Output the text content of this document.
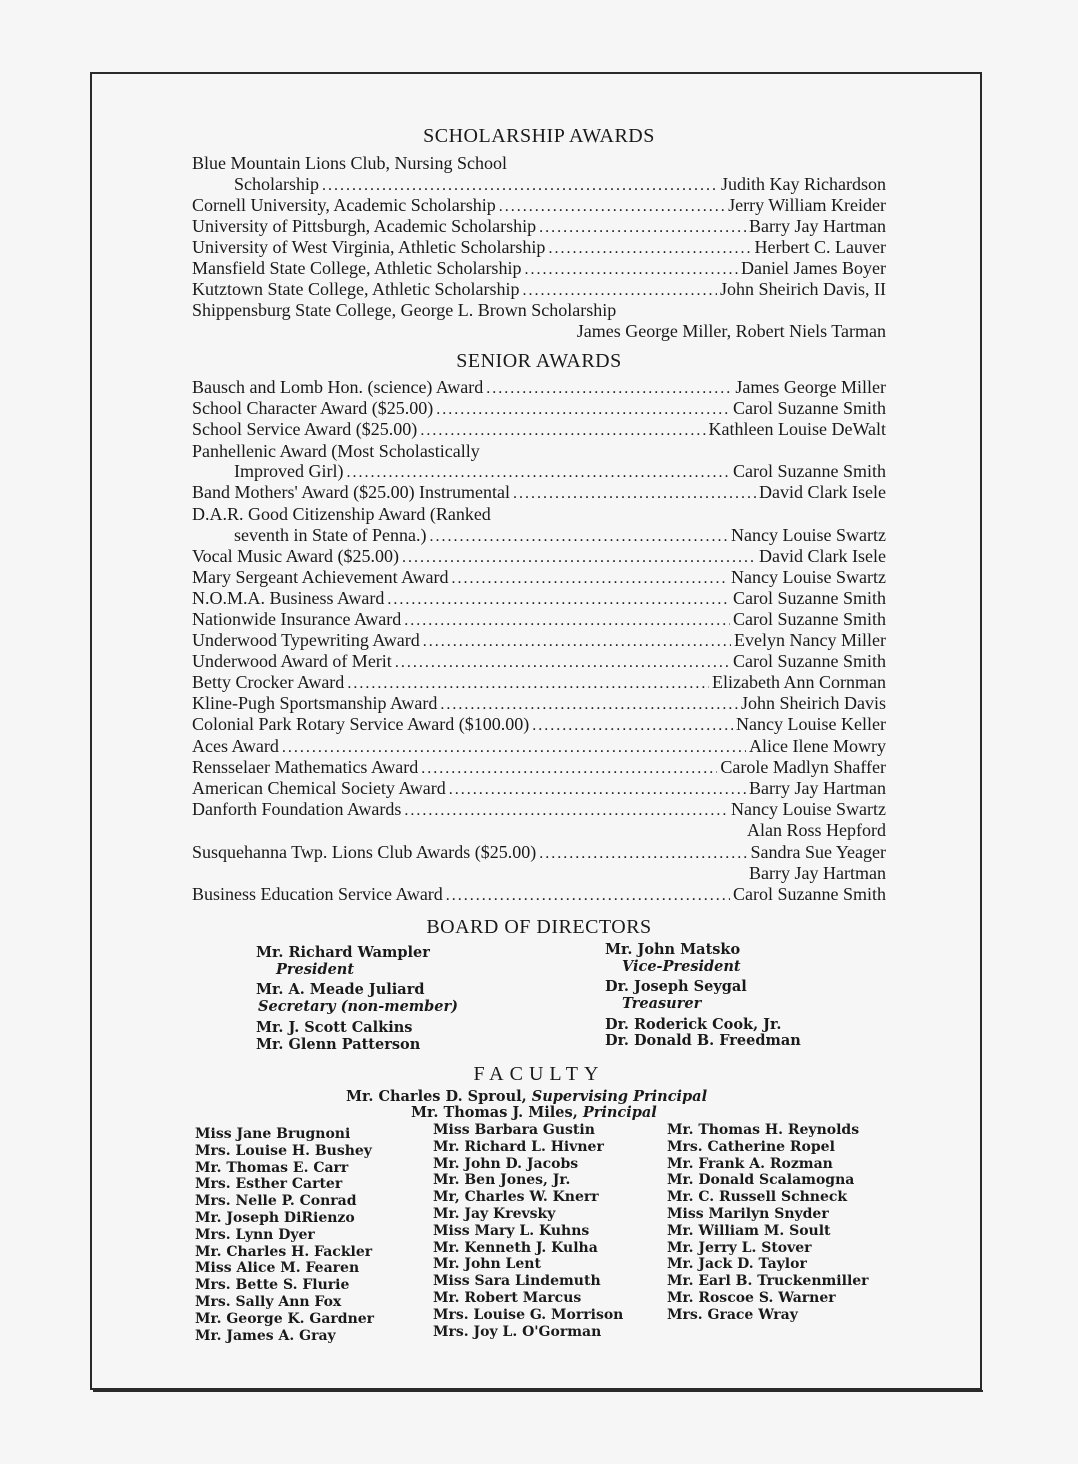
SCHOLARSHIP AWARDS
Blue Mountain Lions Club, Nursing School
Scholarship .....	Judith Kay Richardson
Cornell University, Academic Scholarship .....	Jerry William Kreider
University of Pittsburgh, Academic Scholarship .....	Barry Jay Hartman
University of West Virginia, Athletic Scholarship .....	Herbert C. Lauver
Mansfield State College, Athletic Scholarship .....	Daniel James Boyer
Kutztown State College, Athletic Scholarship .....	John Sheirich Davis, II
Shippensburg State College, George L. Brown Scholarship
James George Miller, Robert Niels Tarman
SENIOR AWARDS
Bausch and Lomb Hon. (science) Award .....	James George Miller
School Character Award ($25.00) .....	Carol Suzanne Smith
School Service Award ($25.00) .....	Kathleen Louise DeWalt
Panhellenic Award (Most Scholastically
Improved Girl) .....	Carol Suzanne Smith
Band Mothers' Award ($25.00) Instrumental .....	David Clark Isele
D.A.R. Good Citizenship Award (Ranked
seventh in State of Penna.) .....	Nancy Louise Swartz
Vocal Music Award ($25.00) .....	David Clark Isele
Mary Sergeant Achievement Award .....	Nancy Louise Swartz
N.O.M.A. Business Award .....	Carol Suzanne Smith
Nationwide Insurance Award .....	Carol Suzanne Smith
Underwood Typewriting Award .....	Evelyn Nancy Miller
Underwood Award of Merit .....	Carol Suzanne Smith
Betty Crocker Award .....	Elizabeth Ann Cornman
Kline-Pugh Sportsmanship Award .....	John Sheirich Davis
Colonial Park Rotary Service Award ($100.00) .....	Nancy Louise Keller
Aces Award .....	Alice Ilene Mowry
Rensselaer Mathematics Award .....	Carole Madlyn Shaffer
American Chemical Society Award .....	Barry Jay Hartman
Danforth Foundation Awards .....	Nancy Louise Swartz
Alan Ross Hepford
Susquehanna Twp. Lions Club Awards ($25.00) .....	Sandra Sue Yeager
Barry Jay Hartman
Business Education Service Award .....	Carol Suzanne Smith
BOARD OF DIRECTORS
Mr. Richard Wampler
President
Mr. A. Meade Juliard
Secretary (non-member)
Mr. J. Scott Calkins
Mr. Glenn Patterson
Mr. John Matsko
Vice-President
Dr. Joseph Seygal
Treasurer
Dr. Roderick Cook, Jr.
Dr. Donald B. Freedman
FACULTY
Mr. Charles D. Sproul, Supervising Principal
Mr. Thomas J. Miles, Principal
Miss Jane Brugnoni
Mrs. Louise H. Bushey
Mr. Thomas E. Carr
Mrs. Esther Carter
Mrs. Nelle P. Conrad
Mr. Joseph DiRienzo
Mrs. Lynn Dyer
Mr. Charles H. Fackler
Miss Alice M. Fearen
Mrs. Bette S. Flurie
Mrs. Sally Ann Fox
Mr. George K. Gardner
Mr. James A. Gray
Miss Barbara Gustin
Mr. Richard L. Hivner
Mr. John D. Jacobs
Mr. Ben Jones, Jr.
Mr, Charles W. Knerr
Mr. Jay Krevsky
Miss Mary L. Kuhns
Mr. Kenneth J. Kulha
Mr. John Lent
Miss Sara Lindemuth
Mr. Robert Marcus
Mrs. Louise G. Morrison
Mrs. Joy L. O'Gorman
Mr. Thomas H. Reynolds
Mrs. Catherine Ropel
Mr. Frank A. Rozman
Mr. Donald Scalamogna
Mr. C. Russell Schneck
Miss Marilyn Snyder
Mr. William M. Soult
Mr. Jerry L. Stover
Mr. Jack D. Taylor
Mr. Earl B. Truckenmiller
Mr. Roscoe S. Warner
Mrs. Grace Wray
